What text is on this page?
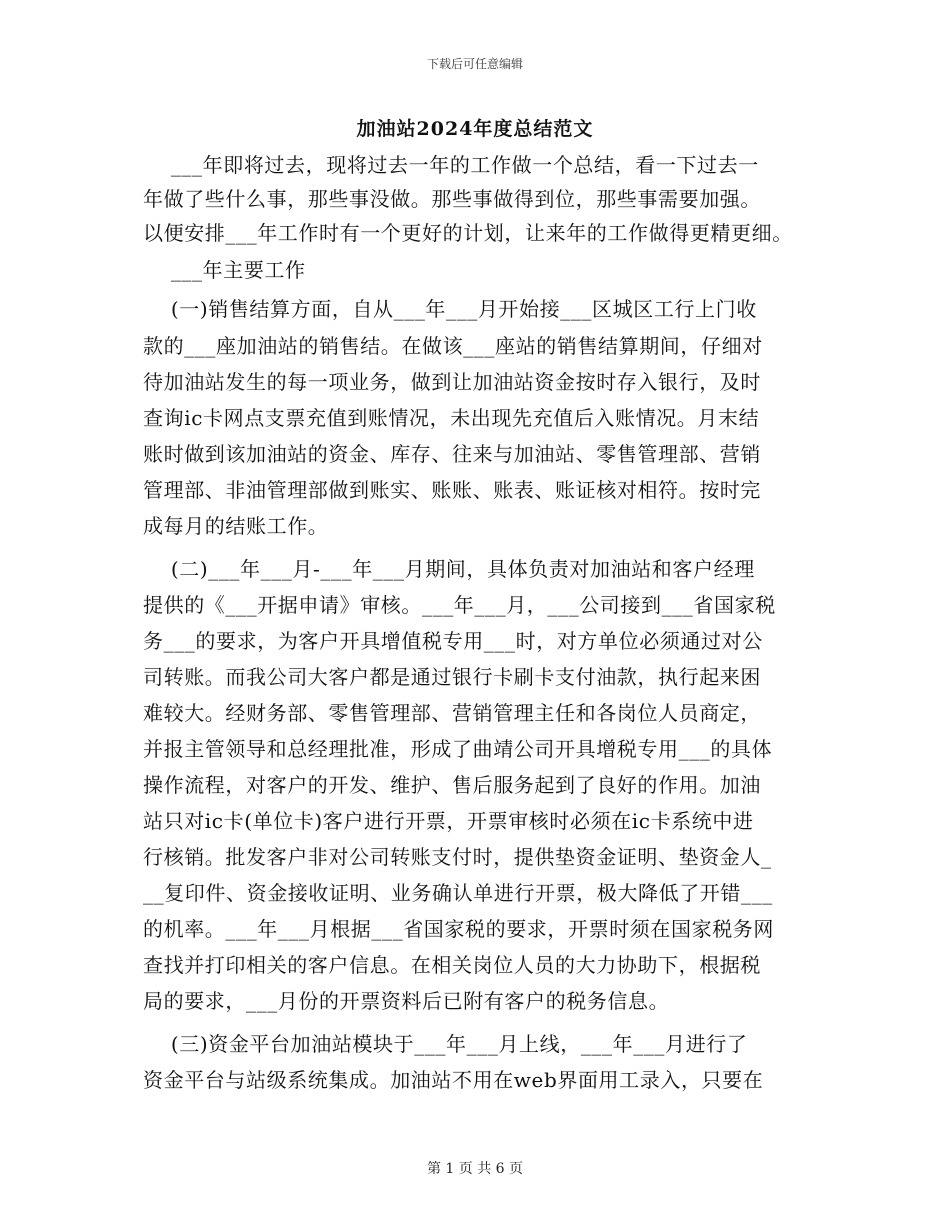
下载后可任意编辑
加油站2024年度总结范文
___年即将过去，现将过去一年的工作做一个总结，看一下过去一
年做了些什么事，那些事没做。那些事做得到位，那些事需要加强。
以便安排___年工作时有一个更好的计划，让来年的工作做得更精更细。
___年主要工作
(一)销售结算方面，自从___年___月开始接___区城区工行上门收
款的___座加油站的销售结。在做该___座站的销售结算期间，仔细对
待加油站发生的每一项业务，做到让加油站资金按时存入银行，及时
查询ic卡网点支票充值到账情况，未出现先充值后入账情况。月末结
账时做到该加油站的资金、库存、往来与加油站、零售管理部、营销
管理部、非油管理部做到账实、账账、账表、账证核对相符。按时完
成每月的结账工作。
(二)___年___月-___年___月期间，具体负责对加油站和客户经理
提供的《___开据申请》审核。___年___月，___公司接到___省国家税
务___的要求，为客户开具增值税专用___时，对方单位必须通过对公
司转账。而我公司大客户都是通过银行卡刷卡支付油款，执行起来困
难较大。经财务部、零售管理部、营销管理主任和各岗位人员商定，
并报主管领导和总经理批准，形成了曲靖公司开具增税专用___的具体
操作流程，对客户的开发、维护、售后服务起到了良好的作用。加油
站只对ic卡(单位卡)客户进行开票，开票审核时必须在ic卡系统中进
行核销。批发客户非对公司转账支付时，提供垫资金证明、垫资金人_
__复印件、资金接收证明、业务确认单进行开票，极大降低了开错___
的机率。___年___月根据___省国家税的要求，开票时须在国家税务网
查找并打印相关的客户信息。在相关岗位人员的大力协助下，根据税
局的要求，___月份的开票资料后已附有客户的税务信息。
(三)资金平台加油站模块于___年___月上线，___年___月进行了
资金平台与站级系统集成。加油站不用在web界面用工录入，只要在
第 1 页 共 6 页
